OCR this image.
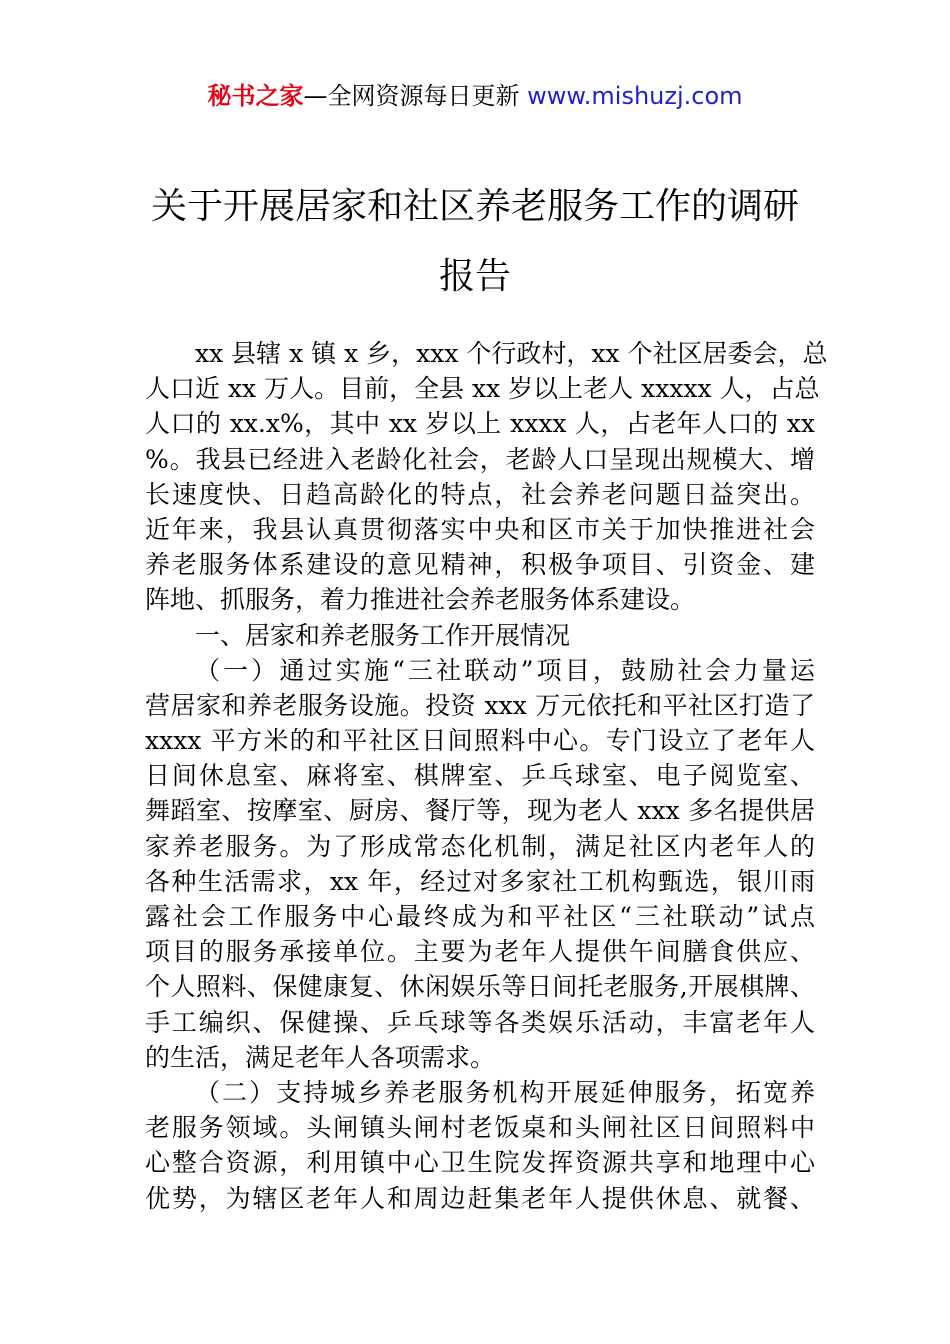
秘书之家—全网资源每日更新 www.mishuzj.com
关于开展居家和社区养老服务工作的调研
报告
xx 县辖 x 镇 x 乡，xxx 个行政村，xx 个社区居委会，总
人口近 xx 万人。目前，全县 xx 岁以上老人 xxxxx 人，占总
人口的 xx.x%，其中 xx 岁以上 xxxx 人，占老年人口的 xx
%。我县已经进入老龄化社会，老龄人口呈现出规模大、增
长速度快、日趋高龄化的特点，社会养老问题日益突出。
近年来，我县认真贯彻落实中央和区市关于加快推进社会
养老服务体系建设的意见精神，积极争项目、引资金、建
阵地、抓服务，着力推进社会养老服务体系建设。
一、居家和养老服务工作开展情况
（一）通过实施“三社联动”项目，鼓励社会力量运
营居家和养老服务设施。投资 xxx 万元依托和平社区打造了
xxxx 平方米的和平社区日间照料中心。专门设立了老年人
日间休息室、麻将室、棋牌室、乒乓球室、电子阅览室、
舞蹈室、按摩室、厨房、餐厅等，现为老人 xxx 多名提供居
家养老服务。为了形成常态化机制，满足社区内老年人的
各种生活需求，xx 年，经过对多家社工机构甄选，银川雨
露社会工作服务中心最终成为和平社区“三社联动”试点
项目的服务承接单位。主要为老年人提供午间膳食供应、
个人照料、保健康复、休闲娱乐等日间托老服务,开展棋牌、
手工编织、保健操、乒乓球等各类娱乐活动，丰富老年人
的生活，满足老年人各项需求。
（二）支持城乡养老服务机构开展延伸服务，拓宽养
老服务领域。头闸镇头闸村老饭桌和头闸社区日间照料中
心整合资源，利用镇中心卫生院发挥资源共享和地理中心
优势，为辖区老年人和周边赶集老年人提供休息、就餐、
